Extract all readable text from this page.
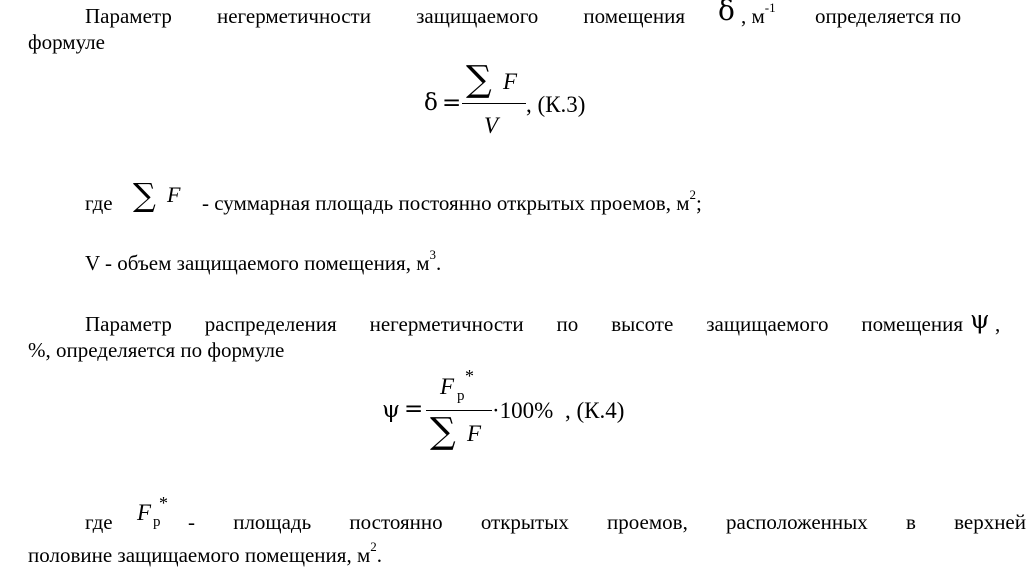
Параметр негерметичности защищаемого помещения δ , $м^{-1}$ определяется по
формуле
δ =
∑ F
V
, (К.3)
где ∑ F - суммарная площадь постоянно открытых проемов, $м^2$;
V - объем защищаемого помещения, $м^3$.
Параметр распределения негерметичности по высоте защищаемого помещения ψ ,
%, определяется по формуле
ψ =
F р
*
∑ F
·100% , (К.4)
где F р
*
- площадь постоянно открытых проемов, расположенных в верхней
половине защищаемого помещения, $м^2$.
